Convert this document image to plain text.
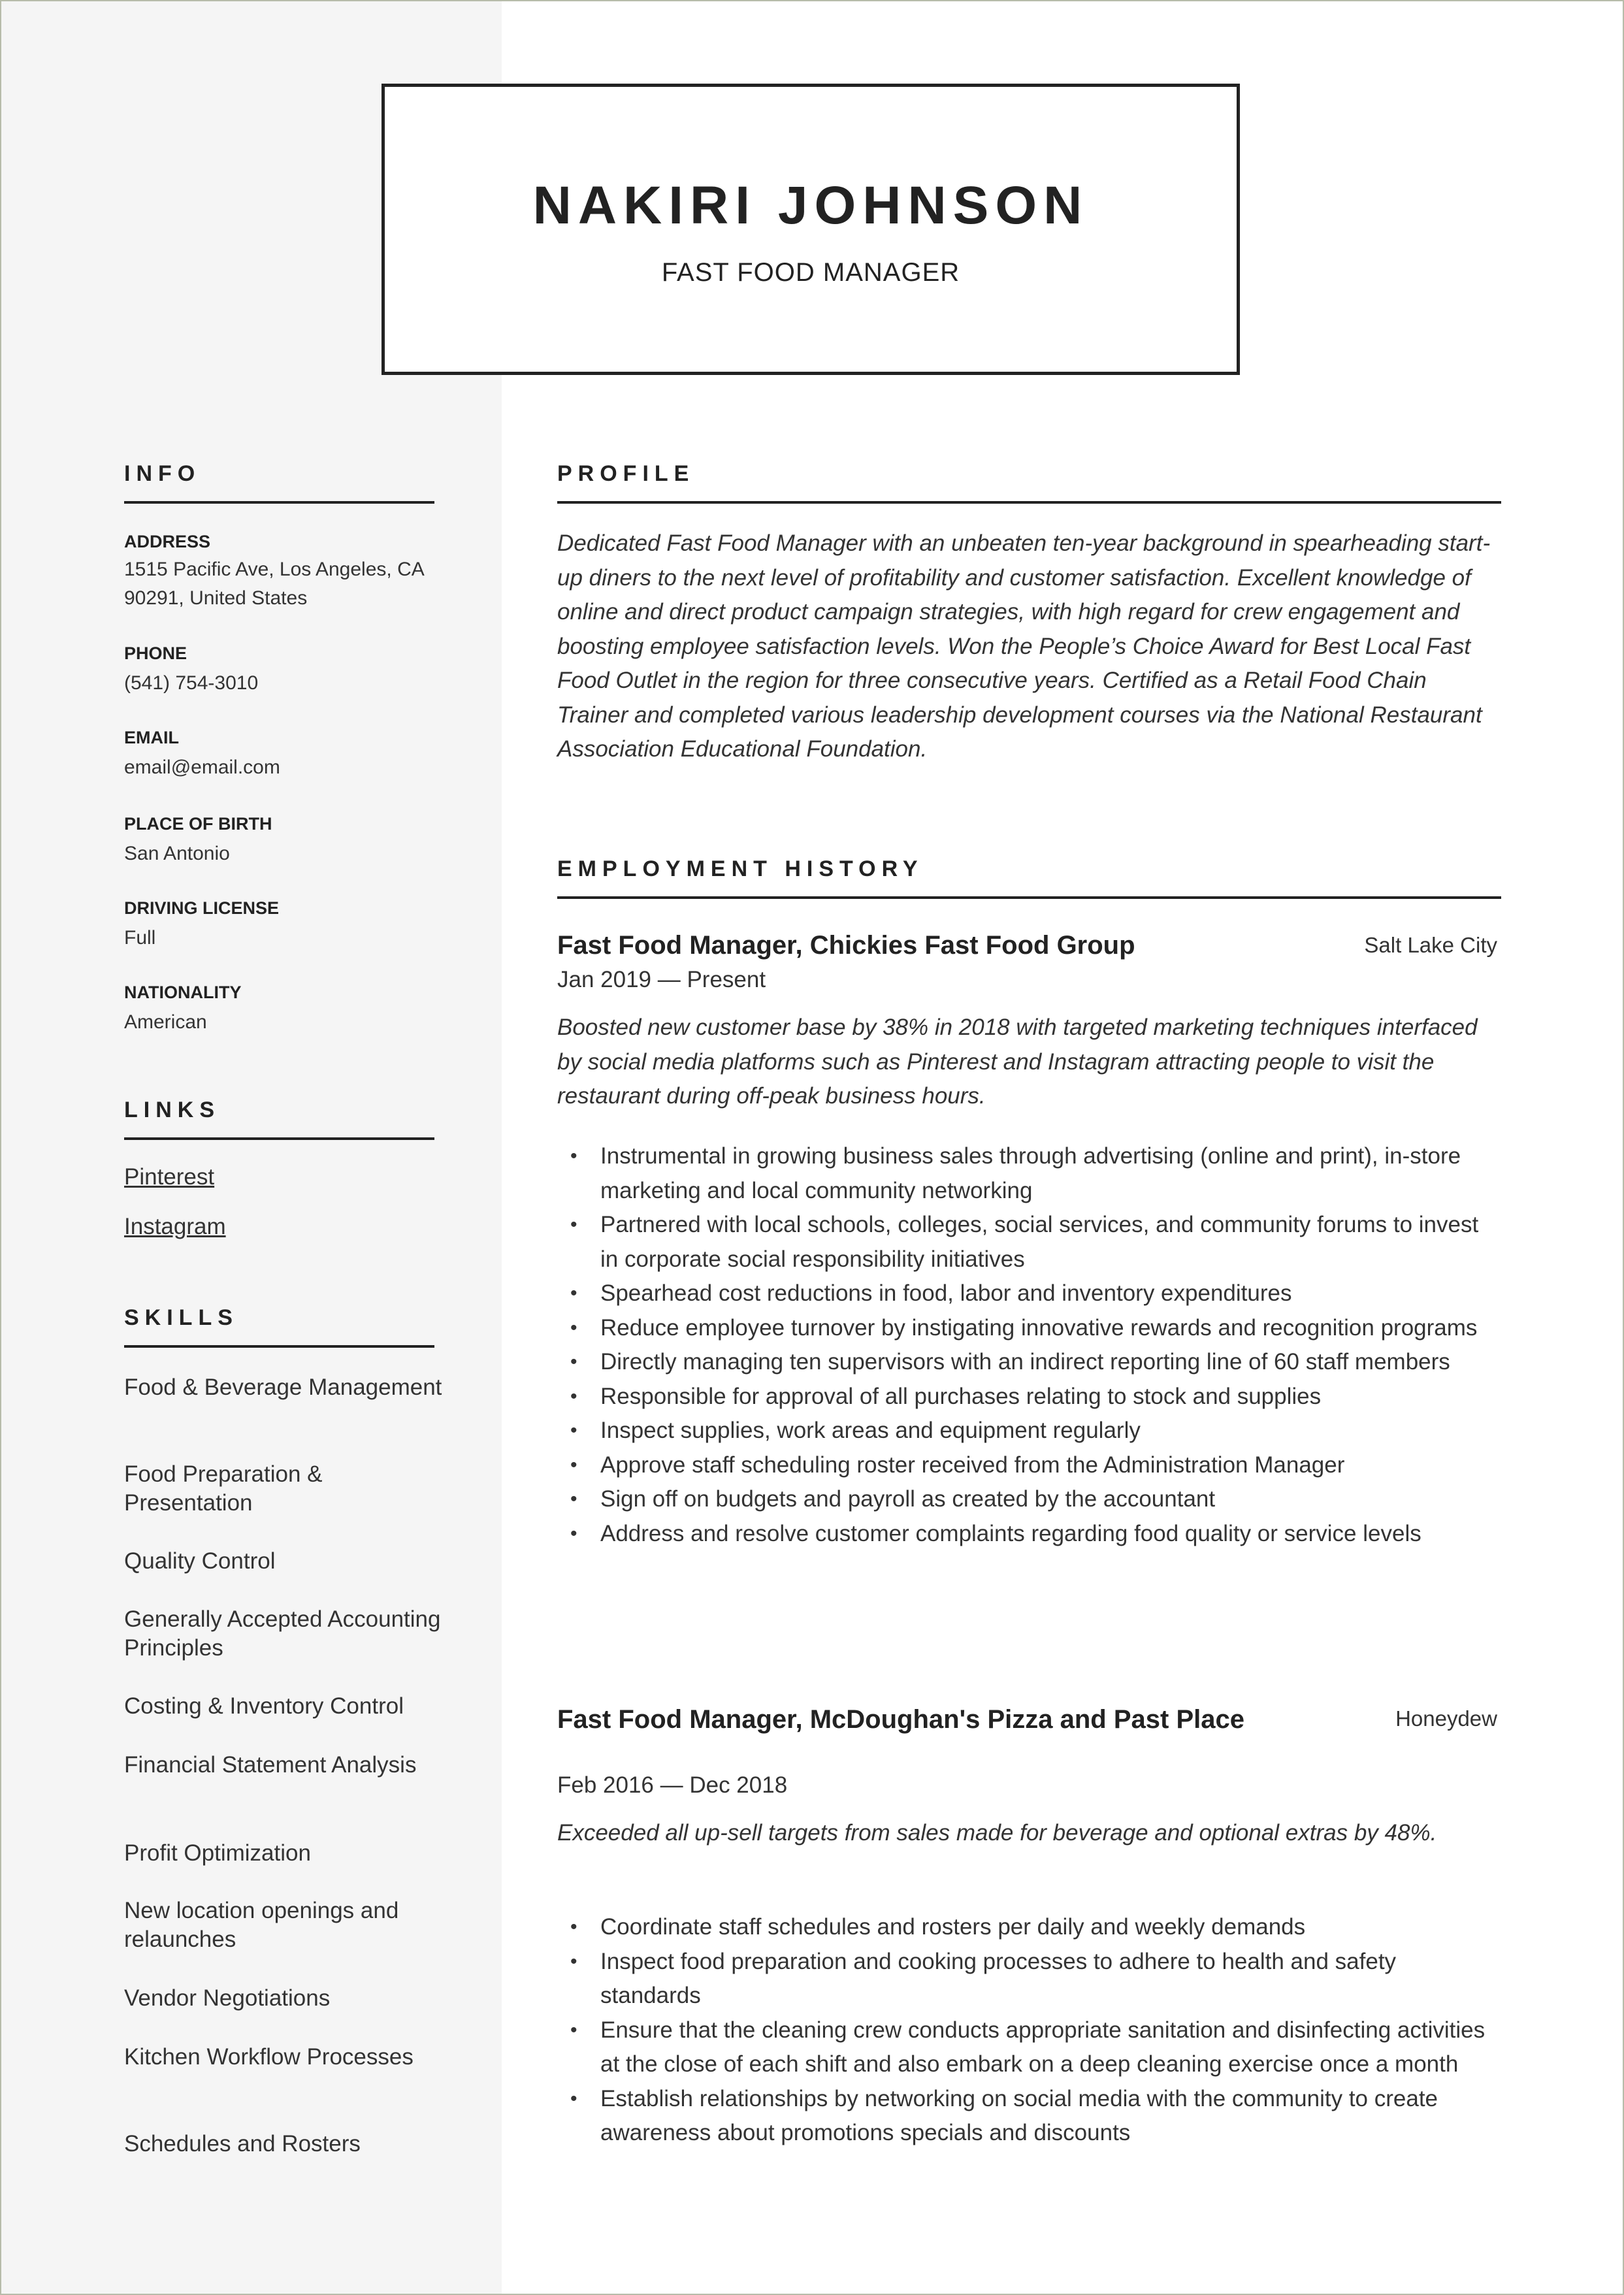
NAKIRI JOHNSON
FAST FOOD MANAGER
INFO
ADDRESS
1515 Pacific Ave, Los Angeles, CA 90291, United States
PHONE
(541) 754-3010
EMAIL
email@email.com
PLACE OF BIRTH
San Antonio
DRIVING LICENSE
Full
NATIONALITY
American
LINKS
Pinterest
Instagram
SKILLS
Food & Beverage Management
Food Preparation & Presentation
Quality Control
Generally Accepted Accounting Principles
Costing & Inventory Control
Financial Statement Analysis
Profit Optimization
New location openings and relaunches
Vendor Negotiations
Kitchen Workflow Processes
Schedules and Rosters
PROFILE
Dedicated Fast Food Manager with an unbeaten ten-year background in spearheading start-up diners to the next level of profitability and customer satisfaction. Excellent knowledge of online and direct product campaign strategies, with high regard for crew engagement and boosting employee satisfaction levels. Won the People’s Choice Award for Best Local Fast Food Outlet in the region for three consecutive years. Certified as a Retail Food Chain Trainer and completed various leadership development courses via the National Restaurant Association Educational Foundation.
EMPLOYMENT HISTORY
Fast Food Manager, Chickies Fast Food Group	Salt Lake City
Jan 2019 — Present
Boosted new customer base by 38% in 2018 with targeted marketing techniques interfaced by social media platforms such as Pinterest and Instagram attracting people to visit the restaurant during off-peak business hours.
• Instrumental in growing business sales through advertising (online and print), in-store marketing and local community networking
• Partnered with local schools, colleges, social services, and community forums to invest in corporate social responsibility initiatives
• Spearhead cost reductions in food, labor and inventory expenditures
• Reduce employee turnover by instigating innovative rewards and recognition programs
• Directly managing ten supervisors with an indirect reporting line of 60 staff members
• Responsible for approval of all purchases relating to stock and supplies
• Inspect supplies, work areas and equipment regularly
• Approve staff scheduling roster received from the Administration Manager
• Sign off on budgets and payroll as created by the accountant
• Address and resolve customer complaints regarding food quality or service levels
Fast Food Manager, McDoughan's Pizza and Past Place	Honeydew
Feb 2016 — Dec 2018
Exceeded all up-sell targets from sales made for beverage and optional extras by 48%.
• Coordinate staff schedules and rosters per daily and weekly demands
• Inspect food preparation and cooking processes to adhere to health and safety standards
• Ensure that the cleaning crew conducts appropriate sanitation and disinfecting activities at the close of each shift and also embark on a deep cleaning exercise once a month
• Establish relationships by networking on social media with the community to create awareness about promotions specials and discounts
